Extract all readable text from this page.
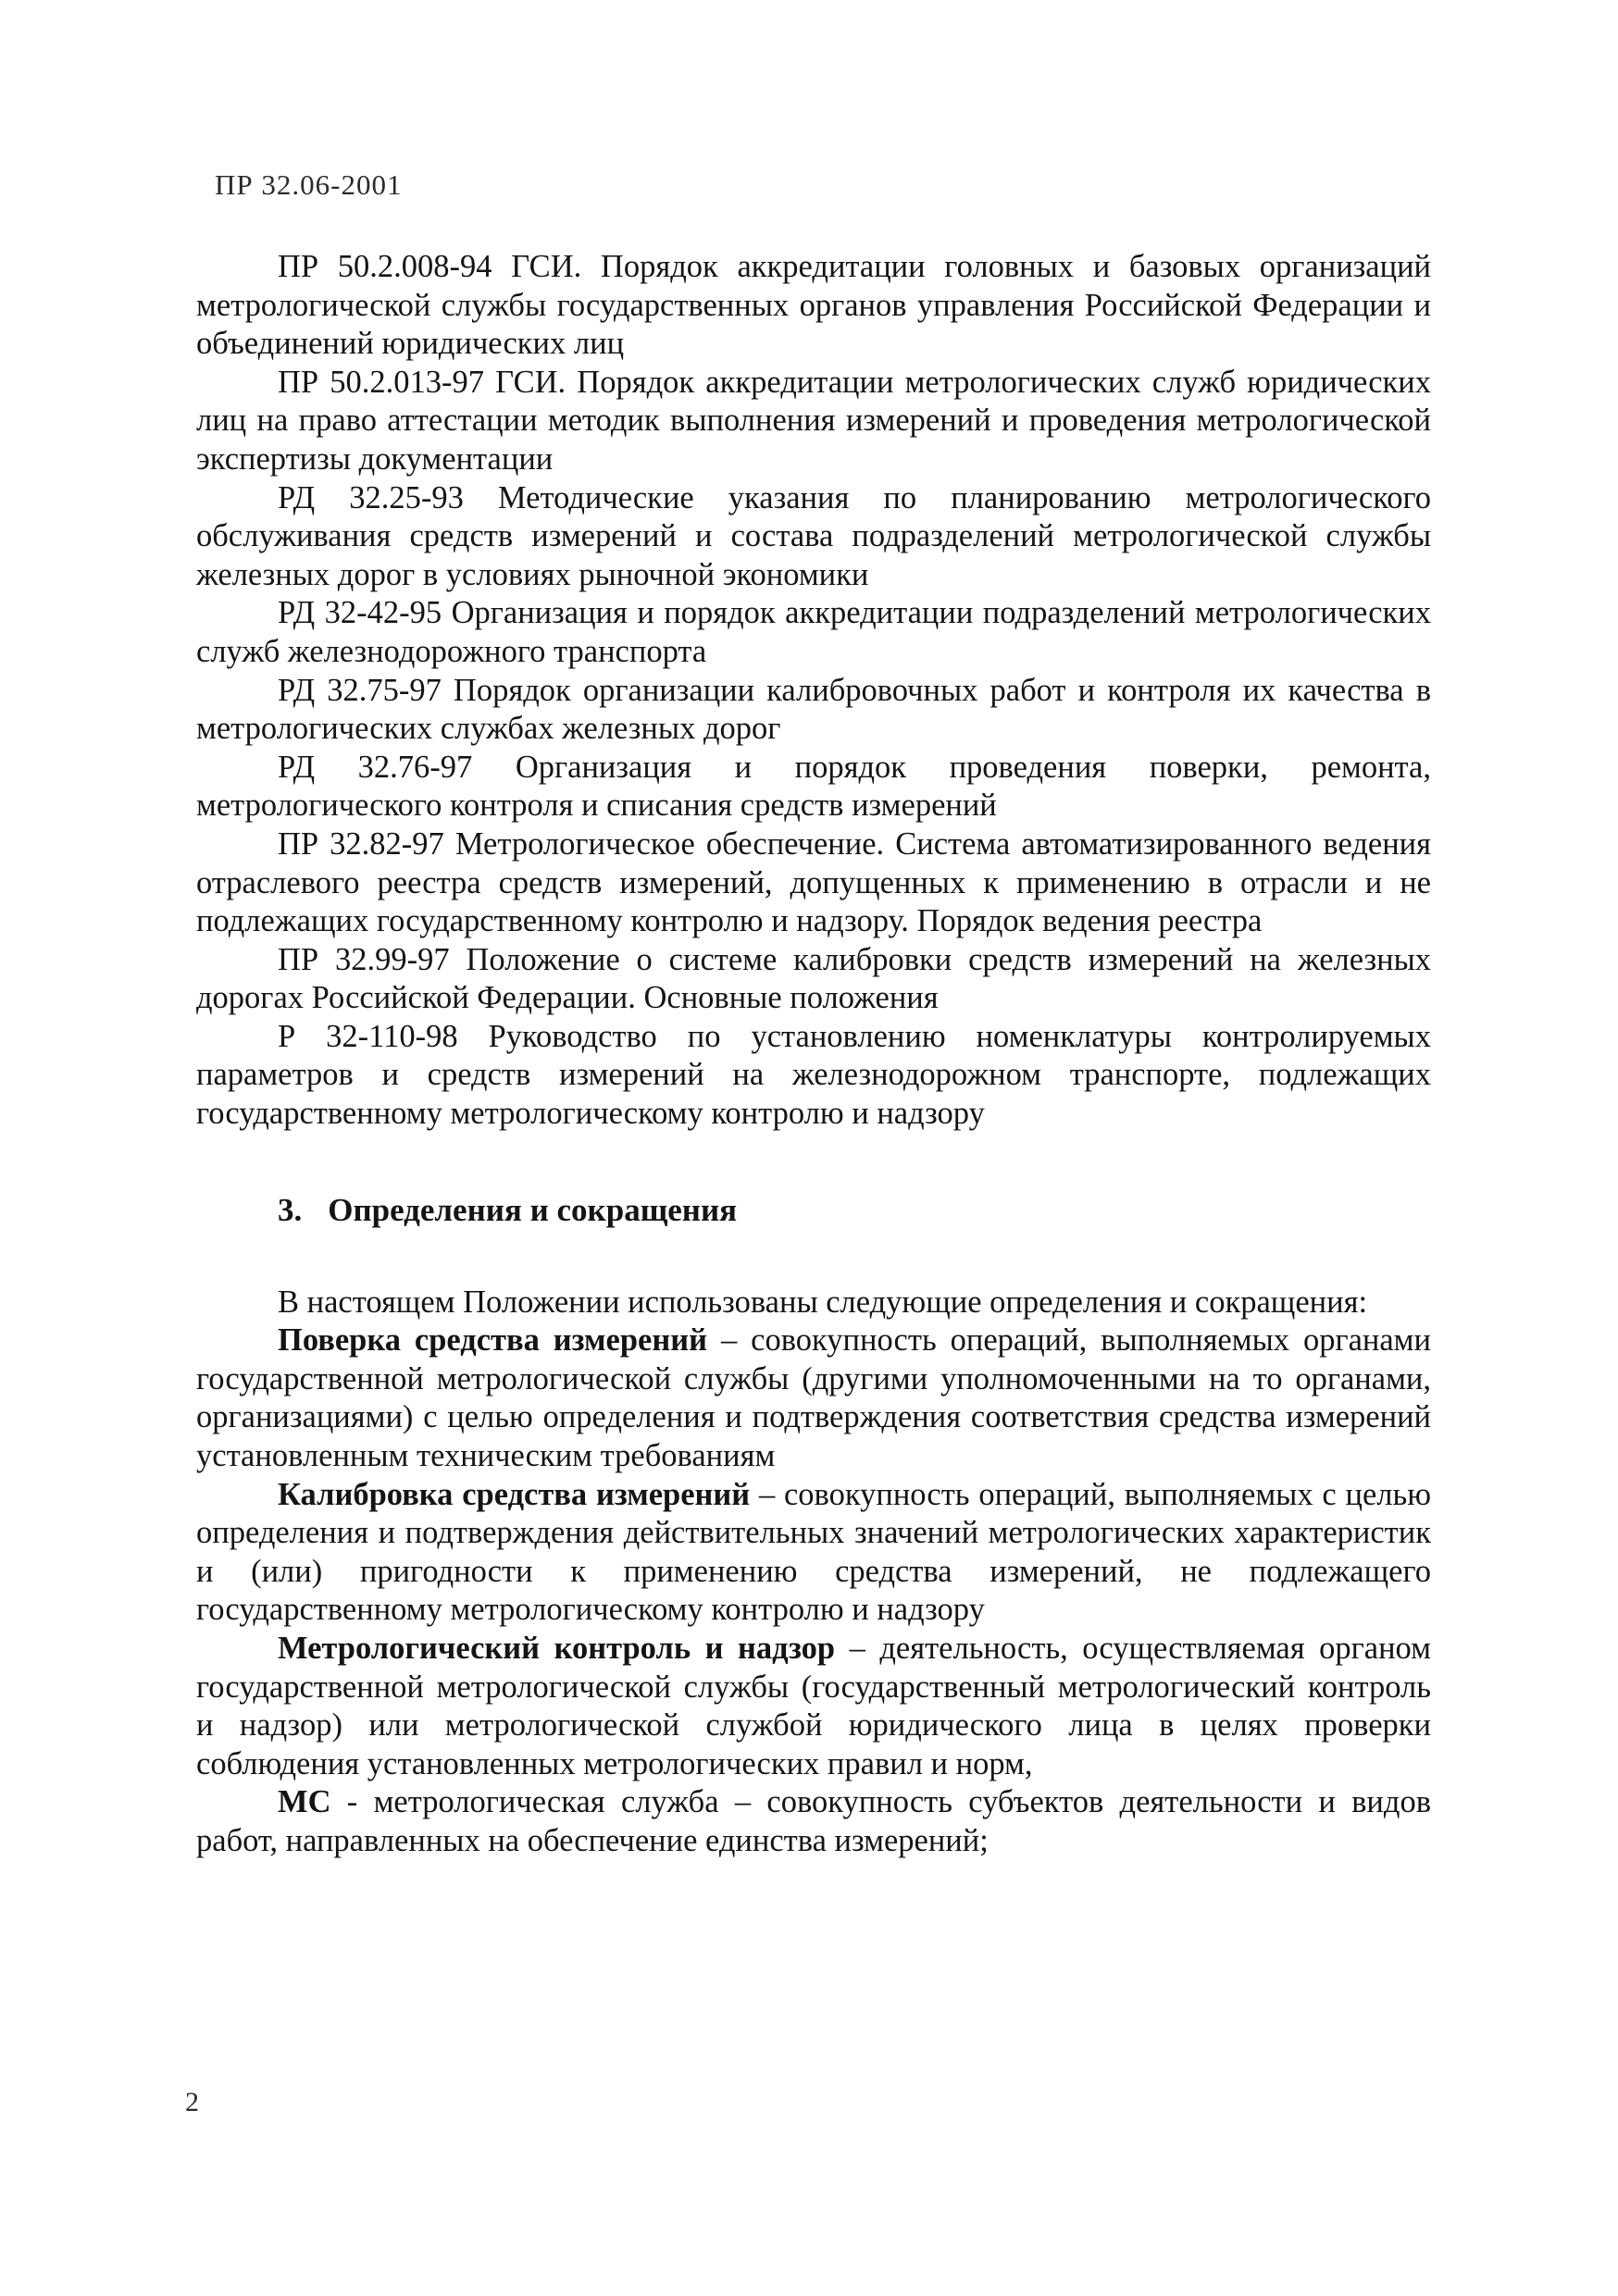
ПР 32.06-2001

ПР 50.2.008-94 ГСИ. Порядок аккредитации головных и базовых организаций метрологической службы государственных органов управления Российской Федерации и объединений юридических лиц

ПР 50.2.013-97 ГСИ. Порядок аккредитации метрологических служб юридических лиц на право аттестации методик выполнения измерений и проведения метрологической экспертизы документации

РД 32.25-93 Методические указания по планированию метрологического обслуживания средств измерений и состава подразделений метрологической службы железных дорог в условиях рыночной экономики

РД 32-42-95 Организация и порядок аккредитации подразделений метрологических служб железнодорожного транспорта

РД 32.75-97 Порядок организации калибровочных работ и контроля их качества в метрологических службах железных дорог

РД 32.76-97 Организация и порядок проведения поверки, ремонта, метрологического контроля и списания средств измерений

ПР 32.82-97 Метрологическое обеспечение. Система автоматизированного ведения отраслевого реестра средств измерений, допущенных к применению в отрасли и не подлежащих государственному контролю и надзору. Порядок ведения реестра

ПР 32.99-97 Положение о системе калибровки средств измерений на железных дорогах Российской Федерации. Основные положения

Р 32-110-98 Руководство по установлению номенклатуры контролируемых параметров и средств измерений на железнодорожном транспорте, подлежащих государственному метрологическому контролю и надзору

3. Определения и сокращения

В настоящем Положении использованы следующие определения и сокращения:

Поверка средства измерений – совокупность операций, выполняемых органами государственной метрологической службы (другими уполномоченными на то органами, организациями) с целью определения и подтверждения соответствия средства измерений установленным техническим требованиям

Калибровка средства измерений – совокупность операций, выполняемых с целью определения и подтверждения действительных значений метрологических характеристик и (или) пригодности к применению средства измерений, не подлежащего государственному метрологическому контролю и надзору

Метрологический контроль и надзор – деятельность, осуществляемая органом государственной метрологической службы (государственный метрологический контроль и надзор) или метрологической службой юридического лица в целях проверки соблюдения установленных метрологических правил и норм,

МС - метрологическая служба – совокупность субъектов деятельности и видов работ, направленных на обеспечение единства измерений;

2
